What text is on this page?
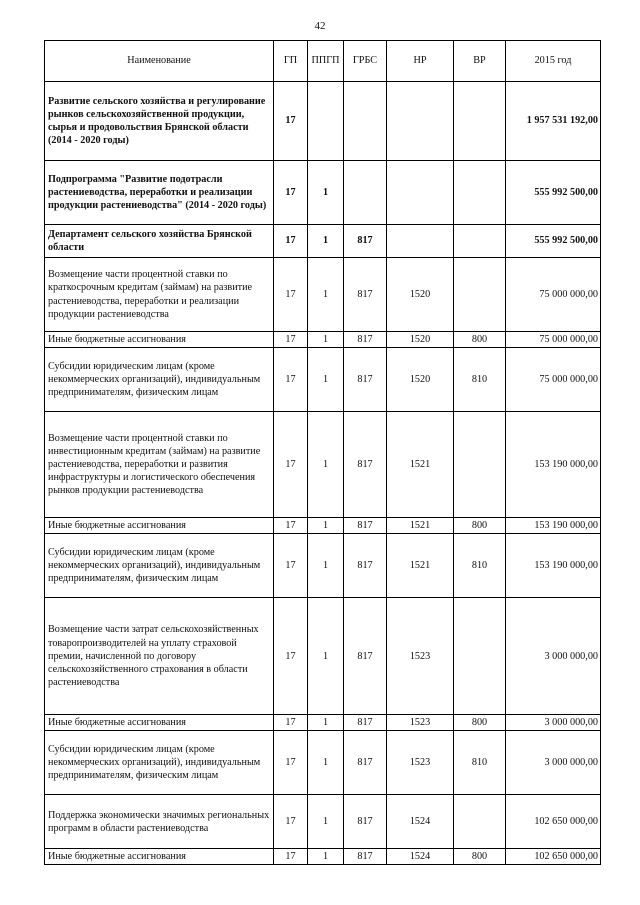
42
Наименование	ГП	ППГП	ГРБС	НР	ВР	2015 год
Развитие сельского хозяйства и регулирование рынков сельскохозяйственной продукции, сырья и продовольствия Брянской области (2014 - 2020 годы)	17					1 957 531 192,00
Подпрограмма "Развитие подотрасли растениеводства, переработки и реализации продукции растениеводства" (2014 - 2020 годы)	17	1				555 992 500,00
Департамент сельского хозяйства Брянской области	17	1	817			555 992 500,00
Возмещение части процентной ставки по краткосрочным кредитам (займам) на развитие растениеводства, переработки и реализации продукции растениеводства	17	1	817	1520		75 000 000,00
Иные бюджетные ассигнования	17	1	817	1520	800	75 000 000,00
Субсидии юридическим лицам (кроме некоммерческих организаций), индивидуальным предпринимателям, физическим лицам	17	1	817	1520	810	75 000 000,00
Возмещение части процентной ставки по инвестиционным кредитам (займам) на развитие растениеводства, переработки и развития инфраструктуры и логистического обеспечения рынков продукции растениеводства	17	1	817	1521		153 190 000,00
Иные бюджетные ассигнования	17	1	817	1521	800	153 190 000,00
Субсидии юридическим лицам (кроме некоммерческих организаций), индивидуальным предпринимателям, физическим лицам	17	1	817	1521	810	153 190 000,00
Возмещение части затрат сельскохозяйственных товаропроизводителей на уплату страховой премии, начисленной по договору сельскохозяйственного страхования в области растениеводства	17	1	817	1523		3 000 000,00
Иные бюджетные ассигнования	17	1	817	1523	800	3 000 000,00
Субсидии юридическим лицам (кроме некоммерческих организаций), индивидуальным предпринимателям, физическим лицам	17	1	817	1523	810	3 000 000,00
Поддержка экономически значимых региональных программ в области растениеводства	17	1	817	1524		102 650 000,00
Иные бюджетные ассигнования	17	1	817	1524	800	102 650 000,00
